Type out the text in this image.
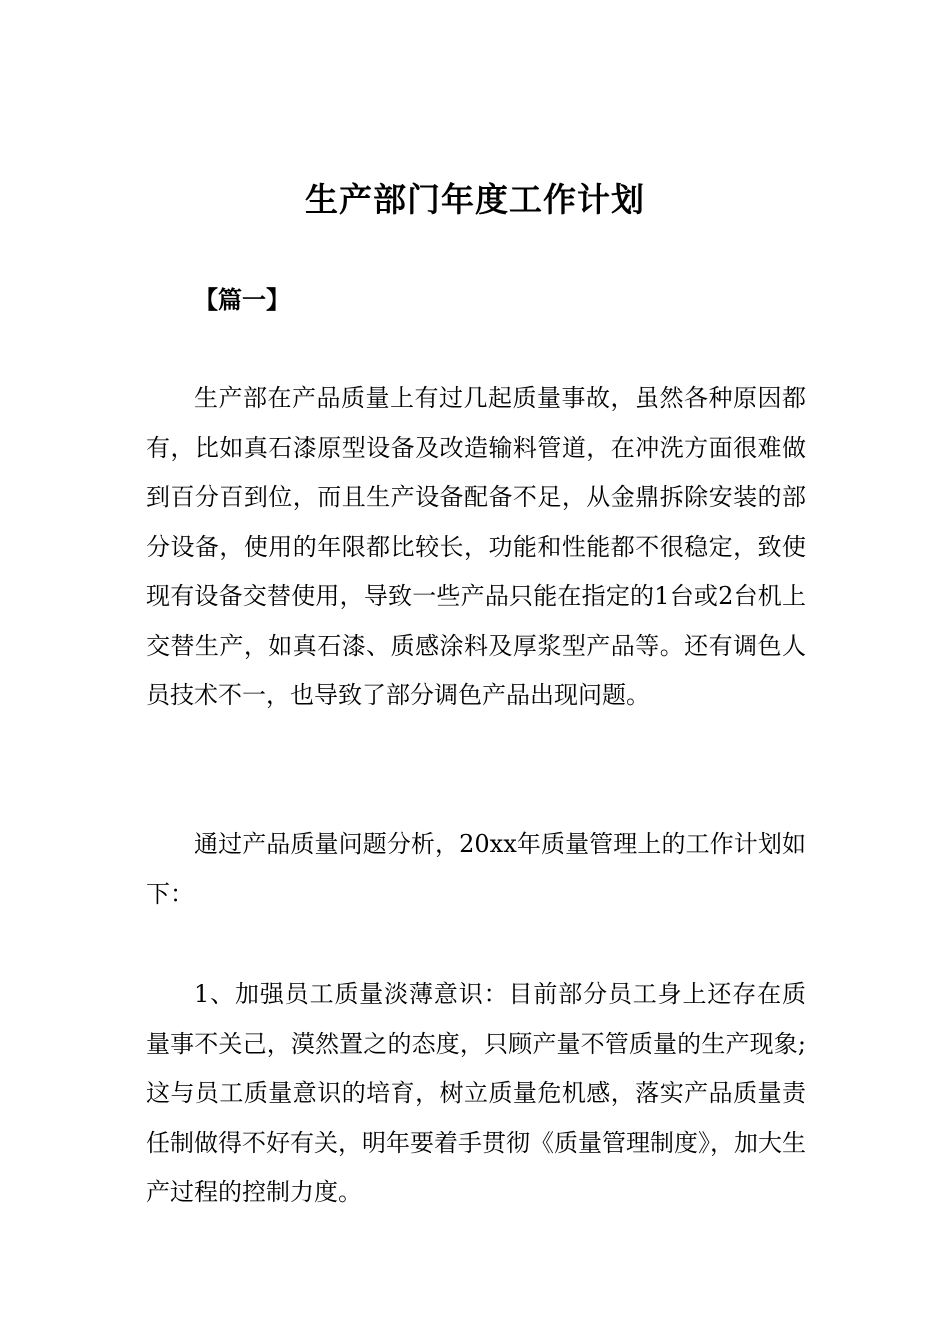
生产部门年度工作计划

【篇一】

生产部在产品质量上有过几起质量事故，虽然各种原因都有，比如真石漆原型设备及改造输料管道，在冲洗方面很难做到百分百到位，而且生产设备配备不足，从金鼎拆除安装的部分设备，使用的年限都比较长，功能和性能都不很稳定，致使现有设备交替使用，导致一些产品只能在指定的1台或2台机上交替生产，如真石漆、质感涂料及厚浆型产品等。还有调色人员技术不一，也导致了部分调色产品出现问题。

通过产品质量问题分析，20xx年质量管理上的工作计划如下：

1、加强员工质量淡薄意识：目前部分员工身上还存在质量事不关己，漠然置之的态度，只顾产量不管质量的生产现象;这与员工质量意识的培育，树立质量危机感，落实产品质量责任制做得不好有关，明年要着手贯彻《质量管理制度》，加大生产过程的控制力度。
